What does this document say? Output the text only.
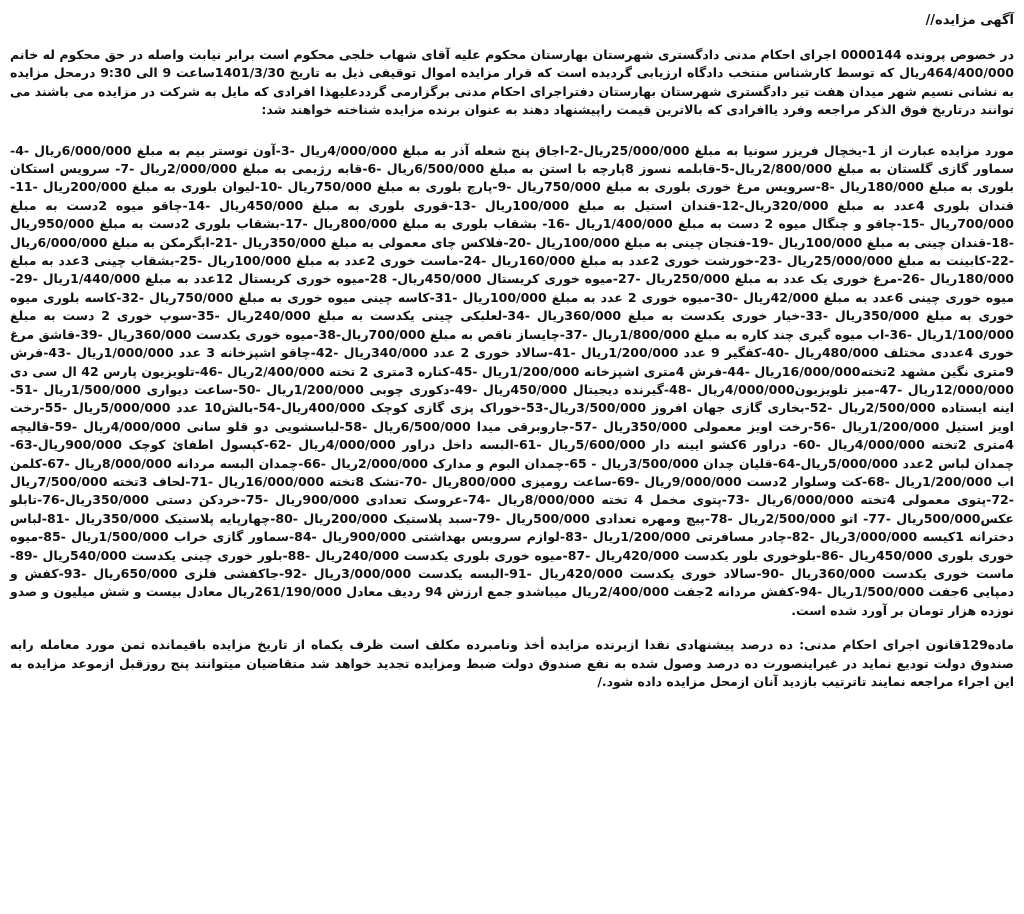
آگهی مزایده//

در خصوص پرونده 0000144 اجرای احکام مدنی دادگستری شهرستان بهارستان محکوم علیه آقای شهاب خلجی محکوم است برابر نیابت واصله در حق محکوم له خانم 464/400/000ریال که توسط کارشناس منتخب دادگاه ارزیابی گردیده است که قرار مزایده اموال توقیفی ذیل به تاریخ 1401/3/30ساعت 9 الی 9:30 درمحل مزایده به نشانی نسیم شهر میدان هفت تیر دادگستری شهرستان بهارستان دفتراجرای احکام مدنی برگزارمی گرددعلیهذا افرادی که مایل به شرکت در مزایده می باشند می توانند درتاریخ فوق الذکر مراجعه وفرد یاافرادی که بالاترین قیمت راپیشنهاد دهند به عنوان برنده مزایده شناخته خواهند شد:

مورد مزایده عبارت از 1-یخچال فریزر سونیا به مبلغ 25/000/000ریال-2-اجاق پنج شعله آذر به مبلغ 4/000/000ریال -3-آون توستر بیم به مبلغ 6/000/000ریال -4-سماور گازی گلستان به مبلغ 2/800/000ریال-5-قابلمه نسوز 8پارچه با استن به مبلغ 6/500/000ریال -6-قابه رژیمی به مبلغ 2/000/000ریال -7- سرویس استکان بلوری به مبلغ 180/000ریال -8-سرویس مرغ خوری بلوری به مبلغ 750/000ریال -9-پارچ بلوری به مبلغ 750/000ریال -10-لیوان بلوری به مبلغ 200/000ریال -11-قندان بلوری 4عدد به مبلغ 320/000ریال-12-قندان استیل به مبلغ 100/000ریال -13-قوری بلوری به مبلغ 450/000ریال -14-چاقو میوه 2دست به مبلغ 700/000ریال -15-چاقو و چنگال میوه 2 دست به مبلغ 1/400/000ریال -16- بشقاب بلوری به مبلغ 800/000ریال -17-بشقاب بلوری 2دست به مبلغ 950/000ریال -18-قندان چینی به مبلغ 100/000ریال -19-فنجان چینی به مبلغ 100/000ریال -20-فلاکس چای معمولی به مبلغ 350/000ریال -21-ابگرمکن به مبلغ 6/000/000ریال -22-کابینت به مبلغ 25/000/000ریال -23-خورشت خوری 2عدد به مبلغ 160/000ریال -24-ماست خوری 2عدد به مبلغ 100/000ریال -25-بشقاب چینی 3عدد به مبلغ 180/000ریال -26-مرغ خوری یک عدد به مبلغ 250/000ریال -27-میوه خوری کریستال 450/000ریال- 28-میوه خوری کریستال 12عدد به مبلغ 1/440/000ریال -29-میوه خوری چینی 6عدد به مبلغ 42/000ریال -30-میوه خوری 2 عدد به مبلغ 100/000ریال -31-کاسه چینی میوه خوری به مبلغ 750/000ریال -32-کاسه بلوری میوه خوری به مبلغ 350/000ریال -33-خیار خوری یکدست به مبلغ 360/000ریال -34-لعلبکی چینی یکدست به مبلغ 240/000ریال -35-سوپ خوری 2 دست به مبلغ 1/100/000ریال -36-اب میوه گیری چند کاره به مبلغ 1/800/000ریال -37-چایساز ناقص به مبلغ 700/000ریال-38-میوه خوری یکدست 360/000ریال -39-قاشق مرغ خوری 4عددی مختلف 480/000ریال -40-کفگیر 9 عدد 1/200/000ریال -41-سالاد خوری 2 عدد 340/000ریال -42-چاقو اشپزخانه 3 عدد 1/000/000ریال -43-فرش 9متری نگین مشهد 2تخته16/000/000ریال -44-فرش 4متری اشپزخانه 1/200/000ریال -45-کناره 3متری 2 تخته 2/400/000ریال -46-تلویزیون پارس 42 ال سی دی 12/000/000ریال -47-میز تلویزیون4/000/000ریال -48-گیرنده دیجیتال 450/000ریال -49-دکوری چوبی 1/200/000ریال -50-ساعت دیواری 1/500/000ریال -51-اینه ایستاده 2/500/000ریال -52-بخاری گازی جهان افروز 3/500/000ریال-53-خوراک پزی گازی کوچک 400/000ریال-54-بالش10 عدد 5/000/000ریال -55-رخت اویز استیل 1/200/000ریال -56-رخت اویز معمولی 350/000ریال -57-جاروبرقی میدا 6/500/000ریال -58-لباسشویی دو قلو سانی 4/000/000ریال -59-قالیچه 4متری 2تخته 4/000/000ریال -60- دراور 6کشو ایینه دار 5/600/000ریال -61-البسه داخل دراور 4/000/000ریال -62-کپسول اطفائ کوچک 900/000ریال-63-چمدان لباس 2عدد 5/000/000ریال-64-قلیان چدان 3/500/000ریال - 65-چمدان البوم و مدارک 2/000/000ریال -66-چمدان البسه مردانه 8/000/000ریال -67-کلمن اب 1/200/000ریال -68-کت وسلوار 2دست 9/000/000ریال -69-ساعت رومیزی 800/000ریال -70-تشک 8تخته 16/000/000ریال -71-لحاف 3تخته 7/500/000ریال -72-پتوی معمولی 4تخته 6/000/000ریال -73-پتوی مخمل 4 تخته 8/000/000ریال -74-عروسک تعدادی 900/000ریال -75-خردکن دستی 350/000ریال-76-تابلو عکس500/000ریال -77- اتو 2/500/000ریال -78-پیچ ومهره تعدادی 500/000ریال -79-سبد پلاستیک 200/000ریال -80-چهارپایه پلاستیک 350/000ریال -81-لباس دخترانه 1کیسه 3/000/000ریال -82-چادر مسافرتی 1/200/000ریال -83-لوازم سرویس بهداشتی 900/000ریال -84-سماور گازی خراب 1/500/000ریال -85-میوه خوری بلوری 450/000ریال -86-بلوخوری بلور یکدست 420/000ریال -87-میوه خوری بلوری یکدست 240/000ریال -88-بلور خوری چینی یکدست 540/000ریال -89-ماست خوری یکدست 360/000ریال -90-سالاد خوری یکدست 420/000ریال -91-البسه یکدست 3/000/000ریال -92-جاکفشی فلزی 650/000ریال -93-کفش و دمپایی 6جفت 1/500/000ریال -94-کفش مردانه 2جفت 2/400/000ریال میباشدو جمع ارزش 94 ردیف معادل 261/190/000ریال معادل بیست و شش میلیون و صدو نوزده هزار تومان بر آورد شده است.

ماده129قانون اجرای احکام مدنی: ده درصد پیشنهادی نقدا ازبرنده مزایده أخذ ونامبرده مکلف است ظرف یکماه از تاریخ مزایده باقیمانده ثمن مورد معامله رابه صندوق دولت تودیع نماید در غیراینصورت ده درصد وصول شده به نفع صندوق دولت ضبط ومزایده تجدید خواهد شد متقاضیان میتوانند پنج روزقبل ازموعد مزایده به این اجراء مراجعه نمایند تاترتیب بازدید آنان ازمحل مزایده داده شود./
